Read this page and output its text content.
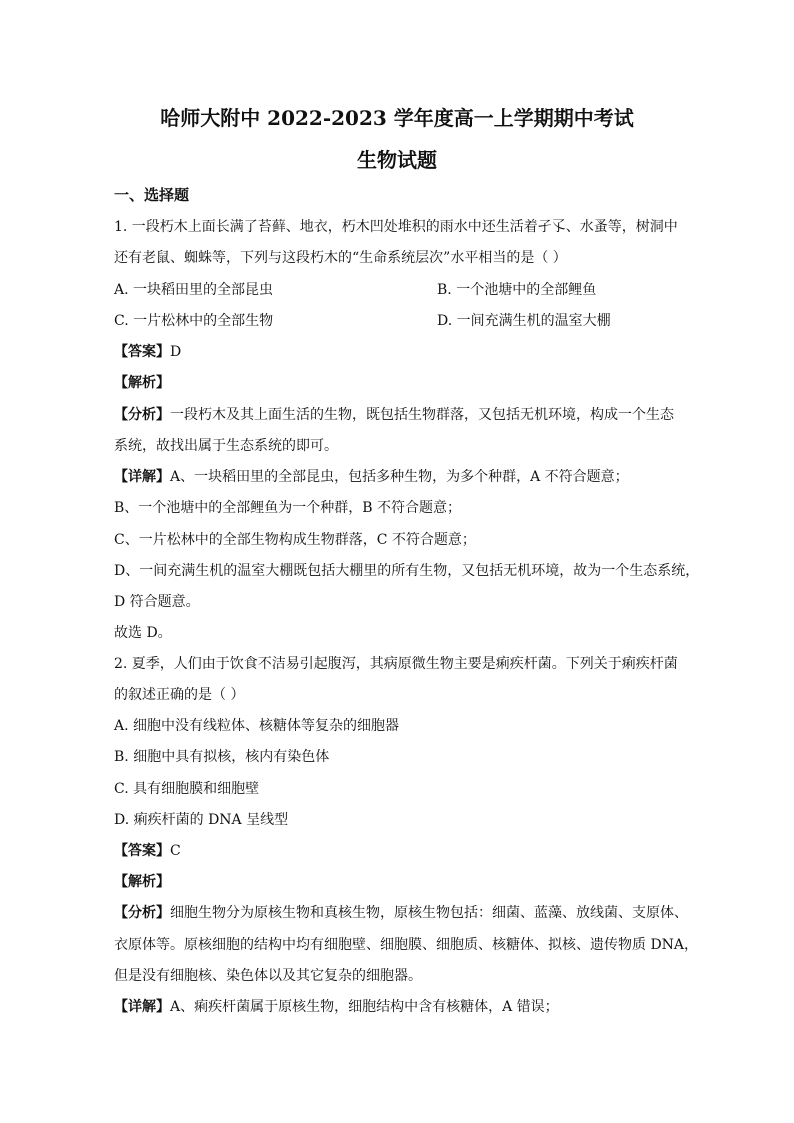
哈师大附中 2022-2023 学年度高一上学期期中考试
生物试题
一、选择题
1. 一段朽木上面长满了苔藓、地衣，朽木凹处堆积的雨水中还生活着孑孓、水蚤等，树洞中
还有老鼠、蜘蛛等，下列与这段朽木的“生命系统层次”水平相当的是（ ）
A. 一块稻田里的全部昆虫	B. 一个池塘中的全部鲤鱼
C. 一片松林中的全部生物	D. 一间充满生机的温室大棚
【答案】D
【解析】
【分析】一段朽木及其上面生活的生物，既包括生物群落，又包括无机环境，构成一个生态
系统，故找出属于生态系统的即可。
【详解】A、一块稻田里的全部昆虫，包括多种生物，为多个种群，A 不符合题意；
B、一个池塘中的全部鲤鱼为一个种群，B 不符合题意；
C、一片松林中的全部生物构成生物群落，C 不符合题意；
D、一间充满生机的温室大棚既包括大棚里的所有生物，又包括无机环境，故为一个生态系统，
D 符合题意。
故选 D。
2. 夏季，人们由于饮食不洁易引起腹泻，其病原微生物主要是痢疾杆菌。下列关于痢疾杆菌
的叙述正确的是（ ）
A. 细胞中没有线粒体、核糖体等复杂的细胞器
B. 细胞中具有拟核，核内有染色体
C. 具有细胞膜和细胞壁
D. 痢疾杆菌的 DNA 呈线型
【答案】C
【解析】
【分析】细胞生物分为原核生物和真核生物，原核生物包括：细菌、蓝藻、放线菌、支原体、
衣原体等。原核细胞的结构中均有细胞壁、细胞膜、细胞质、核糖体、拟核、遗传物质 DNA，
但是没有细胞核、染色体以及其它复杂的细胞器。
【详解】A、痢疾杆菌属于原核生物，细胞结构中含有核糖体，A 错误；
